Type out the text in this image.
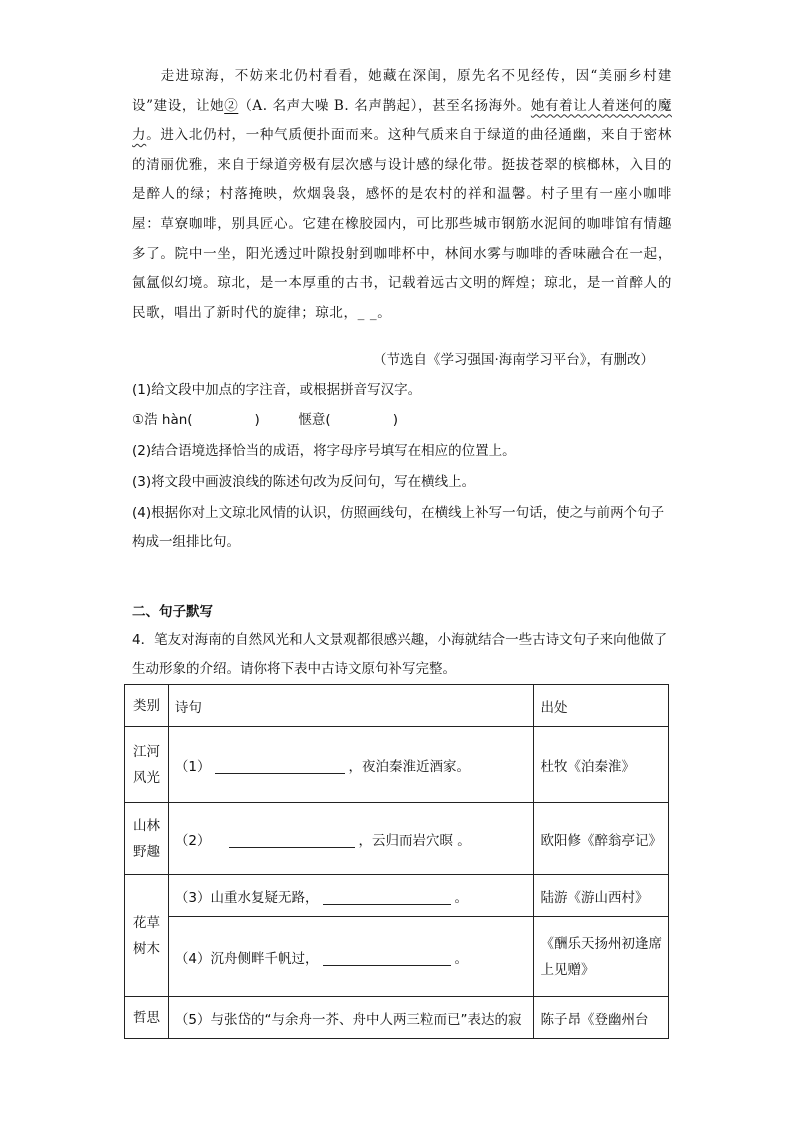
走进琼海，不妨来北仍村看看，她藏在深闺，原先名不见经传，因“美丽乡村建设”建设，让她②（A. 名声大噪 B. 名声鹊起），甚至名扬海外。她有着让人着迷何的魔力。进入北仍村，一种气质便扑面而来。这种气质来自于绿道的曲径通幽，来自于密林的清丽优雅，来自于绿道旁极有层次感与设计感的绿化带。挺拔苍翠的槟榔林，入目的是醉人的绿；村落掩映，炊烟袅袅，感怀的是农村的祥和温馨。村子里有一座小咖啡屋：草寮咖啡，别具匠心。它建在橡胶园内，可比那些城市钢筋水泥间的咖啡馆有情趣多了。院中一坐，阳光透过叶隙投射到咖啡杯中，林间水雾与咖啡的香味融合在一起，氤氲似幻境。琼北，是一本厚重的古书，记载着远古文明的辉煌；琼北，是一首醉人的民歌，唱出了新时代的旋律；琼北，_ _。
（节选自《学习强国·海南学习平台》，有删改）
(1)给文段中加点的字注音，或根据拼音写汉字。
①浩 hàn(	)	惬意(	)
(2)结合语境选择恰当的成语，将字母序号填写在相应的位置上。
(3)将文段中画波浪线的陈述句改为反问句，写在横线上。
(4)根据你对上文琼北风情的认识，仿照画线句，在横线上补写一句话，使之与前两个句子构成一组排比句。
二、句子默写
4．笔友对海南的自然风光和人文景观都很感兴趣，小海就结合一些古诗文句子来向他做了生动形象的介绍。请你将下表中古诗文原句补写完整。
类别	诗句	出处
江河风光	（1） ，夜泊秦淮近酒家。	杜牧《泊秦淮》
山林野趣	（2） ，云归而岩穴暝 。	欧阳修《醉翁亭记》
花草树木	（3）山重水复疑无路， 。	陆游《游山西村》
	（4）沉舟侧畔千帆过， 。	《酬乐天扬州初逢席上见赠》
哲思	（5）与张岱的“与余舟一芥、舟中人两三粒而已”表达的寂	陈子昂《登幽州台
